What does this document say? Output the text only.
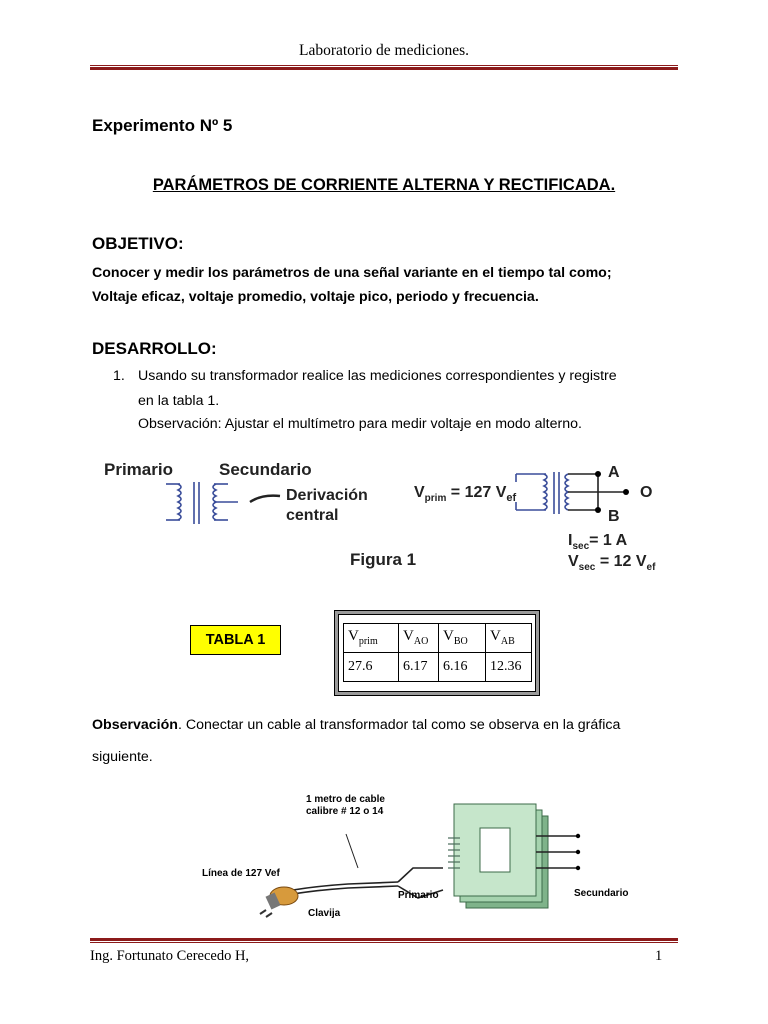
Laboratorio de mediciones.
Experimento Nº 5
PARÁMETROS DE CORRIENTE ALTERNA Y RECTIFICADA.
OBJETIVO:
Conocer y medir los parámetros de una señal variante en el tiempo tal como;
Voltaje eficaz, voltaje promedio, voltaje pico, periodo y frecuencia.
DESARROLLO:
1. Usando su transformador realice las mediciones correspondientes y registre
en la tabla 1.
Observación: Ajustar el multímetro para medir voltaje en modo alterno.
Primario	Secundario
Derivación
central
$V_{prim} = 127$ $V_{ef}$
A
O
B
$I_{sec}= 1$ A
$V_{sec} = 12$ $V_{ef}$
Figura 1
TABLA 1	$V_{prim}$	$V_{AO}$	$V_{BO}$	$V_{AB}$
27.6	6.17	6.16	12.36
Observación. Conectar un cable al transformador tal como se observa en la gráfica
siguiente.
1 metro de cable
calibre # 12 o 14
Línea de 127 Vef
Primario
Clavija
Secundario
Ing. Fortunato Cerecedo H,	1
